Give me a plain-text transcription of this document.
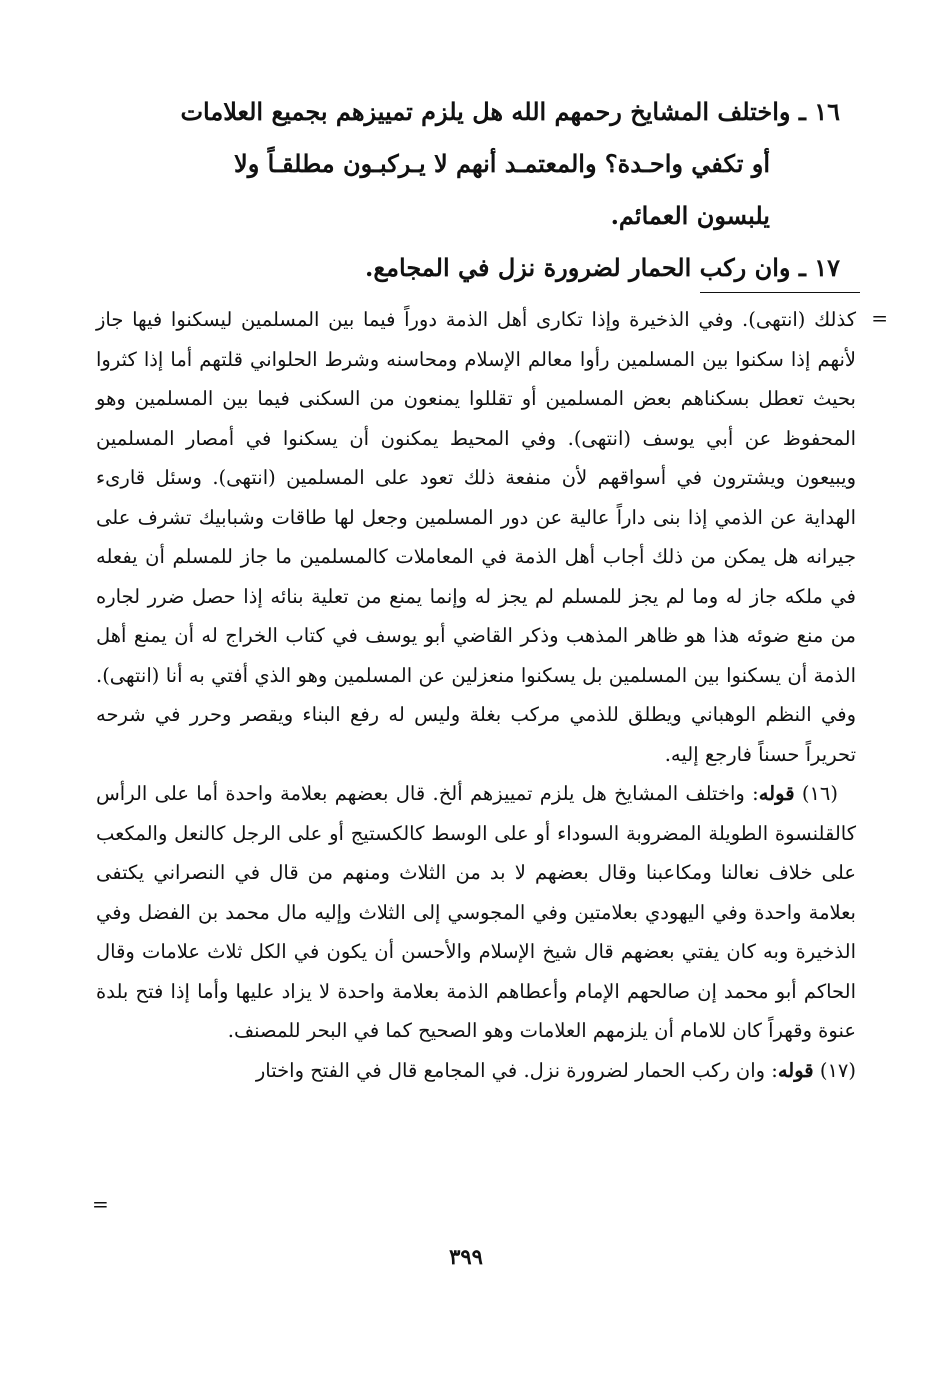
١٦ ـ واختلف المشايخ رحمهم الله هل يلزم تمييزهم بجميع العلامات

أو تكفي واحـدة؟ والمعتمـد أنهم لا يـركبـون مطلقـاً ولا

يلبسون العمائم.

١٧ ـ وان ركب الحمار لضرورة نزل في المجامع.

=

كذلك (انتهى). وفي الذخيرة وإذا تكارى أهل الذمة دوراً فيما بين المسلمين ليسكنوا فيها جاز لأنهم إذا سكنوا بين المسلمين رأوا معالم الإسلام ومحاسنه وشرط الحلواني قلتهم أما إذا كثروا بحيث تعطل بسكناهم بعض المسلمين أو تقللوا يمنعون من السكنى فيما بين المسلمين وهو المحفوظ عن أبي يوسف (انتهى). وفي المحيط يمكنون أن يسكنوا في أمصار المسلمين ويبيعون ويشترون في أسواقهم لأن منفعة ذلك تعود على المسلمين (انتهى). وسئل قارىء الهداية عن الذمي إذا بنى داراً عالية عن دور المسلمين وجعل لها طاقات وشبابيك تشرف على جيرانه هل يمكن من ذلك أجاب أهل الذمة في المعاملات كالمسلمين ما جاز للمسلم أن يفعله في ملكه جاز له وما لم يجز للمسلم لم يجز له وإنما يمنع من تعلية بنائه إذا حصل ضرر لجاره من منع ضوئه هذا هو ظاهر المذهب وذكر القاضي أبو يوسف في كتاب الخراج له أن يمنع أهل الذمة أن يسكنوا بين المسلمين بل يسكنوا منعزلين عن المسلمين وهو الذي أفتي به أنا (انتهى). وفي النظم الوهباني ويطلق للذمي مركب بغلة وليس له رفع البناء ويقصر وحرر في شرحه تحريراً حسناً فارجع إليه.

(١٦) قوله: واختلف المشايخ هل يلزم تمييزهم ألخ. قال بعضهم بعلامة واحدة أما على الرأس كالقلنسوة الطويلة المضروبة السوداء أو على الوسط كالكستيج أو على الرجل كالنعل والمكعب على خلاف نعالنا ومكاعبنا وقال بعضهم لا بد من الثلاث ومنهم من قال في النصراني يكتفى بعلامة واحدة وفي اليهودي بعلامتين وفي المجوسي إلى الثلاث وإليه مال محمد بن الفضل وفي الذخيرة وبه كان يفتي بعضهم قال شيخ الإسلام والأحسن أن يكون في الكل ثلاث علامات وقال الحاكم أبو محمد إن صالحهم الإمام وأعطاهم الذمة بعلامة واحدة لا يزاد عليها وأما إذا فتح بلدة عنوة وقهراً كان للامام أن يلزمهم العلامات وهو الصحيح كما في البحر للمصنف.

(١٧) قوله: وان ركب الحمار لضرورة نزل. في المجامع قال في الفتح واختار

=
٣٩٩
